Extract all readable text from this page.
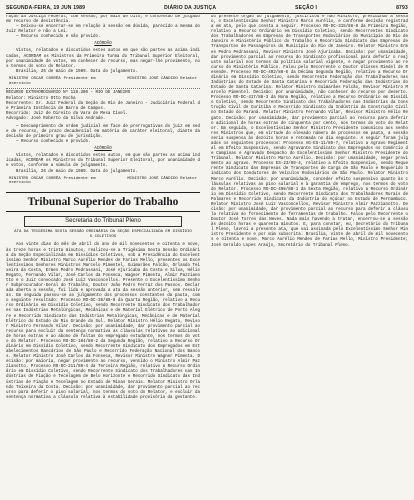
SEGUNDA-FEIRA, 19 JUN 1989	DIÁRIO DA JUSTIÇA	SEÇÃO I	8793

ração da Justiça Federal, com sessão, por mais de oito, e concessão de julgado em recurso de desistência.

— Deixou-se encerrar-se em relação à sessão em dúvida, parecido a mesma do Juiz Relator e não a Lei.

— Recurso conhecido e não provido.

ACÓRDÃO

Vistos, relatados e discutidos estes autos em que são partes as acima indicadas, ACORDAM os Ministros da Primeira Turma do Tribunal Superior Eleitoral, por unanimidade de votos, em conhecer do recurso, mas negar-lhe provimento, nos termos do voto do Relator.

Brasília, 26 de maio de 1989. Data do julgamento.

MINISTRO OSCAR CORRÊA Presidente em exercício
MINISTRO JOSÉ CÂNDIDO Relator

RECURSO EXTRAORDINÁRIO Nº 128.380 - RIO DE JANEIRO

Relator: Ministro Otto Rocha

Recorrente: Sr. Juiz Federal da Seção do Rio de Janeiro - Judiciária Federal de Primeira Instância de Barra de Campos.

Recorrido: Juiz de Direito da Vara de Mesa Cível.

Advogado: José Roberto da Silva Andrade.

— Descumprimento de ordem judicial em face de prerrogativas do juiz em sede de recurso, de prazo decadencial em matéria de caráter eleitoral, diante da decisão de primeiro grau de jurisdição.

— Recurso conhecido e provido.

ACÓRDÃO

Vistos, relatados e discutidos estes autos, em que são partes as acima indicadas, ACORDAM os Ministros do Tribunal Superior Eleitoral, por unanimidade de votos, conforme a súmula de julgamento.

Brasília, 26 de maio de 1989. Data do julgamento.

MINISTRO OSCAR CORRÊA Presidente em exercício
MINISTRO JOSÉ CÂNDIDO Relator
Tribunal Superior do Trabalho
Secretaria do Tribunal Pleno

ATA DA TRIGÉSIMA SEXTA SESSÃO ORDINÁRIA DA SEÇÃO ESPECIALIZADA EM DISSÍDIOS COLETIVOS

Aos vinte dias do mês de abril do ano de mil novecentos e oitenta e nove, às treze horas e trinta minutos, realizou-se a Trigésima Sexta Sessão Ordinária da Seção Especializada em Dissídios Coletivos, sob a Presidência do Excelentíssimo Senhor Ministro Marco Aurélio Mendes de Farias Mello, presentes os Excelentíssimos Senhores Ministros Marcelo Pimentel, Guimarães Falcão, Orlando Teixeira da Costa, Ermes Pedro Pedrassani, José Ajuricaba da Costa e Silva, Hélio Regato, Fernando Vilar, José Carlos da Fonseca, Wagner Pimenta, Almir Pazzianotto e o Juiz convocado José Luiz Vasconcellos. Presente o Excelentíssimo Senhor Subprocurador-Geral do Trabalho, Doutor João Pedro Ferraz dos Passos. Declarada aberta a sessão, foi lida e aprovada a ata da sessão anterior, sem ressalvas. Em seguida passou-se ao julgamento dos processos constantes da pauta, com o seguinte resultado: Processo RO-DC-38/88-8 da Quarta Região, relativo a Recurso Ordinário em Dissídio Coletivo, sendo Recorrente Sindicato dos Trabalhadores nas Indústrias Metalúrgicas, Mecânicas e de Material Elétrico de Porto Alegre e Recorrido Sindicato das Indústrias Metalúrgicas, Mecânicas e de Material Elétrico do Estado do Rio Grande do Sul. Relator Ministro Hélio Regato, Revisor Ministro Fernando Vilar. Decisão: por unanimidade, dar provimento parcial ao recurso para excluir da sentença normativa as cláusulas relativas ao adicional de horas extras e ao abono de faltas do empregado estudante, nos termos do voto do Relator. Processo RO-DC-104/88-2 da Segunda Região, relativo a Recurso Ordinário em Dissídio Coletivo, sendo Recorrente Sindicato dos Empregados em Estabelecimentos Bancários de São Paulo e Recorrido Federação Nacional dos Bancos. Relator Ministro José Carlos da Fonseca, Revisor Ministro Wagner Pimenta. Decisão: por maioria, negar provimento ao recurso, vencido o Ministro Almir Pazzianotto. Processo RO-DC-211/88-4 da Terceira Região, relativo a Recurso Ordinário em Dissídio Coletivo, sendo Recorrente Sindicato dos Trabalhadores nas Indústrias de Fiação e Tecelagem de Belo Horizonte e Recorrido Sindicato das Indústrias de Fiação e Tecelagem no Estado de Minas Gerais. Relator Ministro Orlando Teixeira da Costa. Decisão: por unanimidade, dar provimento parcial ao recurso para deferir o piso salarial, nos termos do voto do Relator, e excluir da sentença normativa a cláusula relativa à estabilidade provisória da gestante.

do presente órgão do julgamento, justificou e não Ministro, presidindo a sessão, o Excelentíssimo Senhor Ministro Marco Aurélio, e conforme decisão registrada em ata, pelo que consta a seguir. Processo RO-DC-315/88-0 da Primeira Região, relativo a Recurso Ordinário em Dissídio Coletivo, sendo Recorrentes Sindicato dos Trabalhadores em Empresas de Transportes Rodoviários do Município do Rio de Janeiro e Ministério Público do Trabalho e Recorrido Sindicato das Empresas de Transportes de Passageiros do Município do Rio de Janeiro. Relator Ministro Ermes Pedro Pedrassani, Revisor Ministro José Ajuricaba. Decisão: por unanimidade, dar provimento parcial ao recurso do Sindicato profissional para deferir o reajuste salarial nos termos da política salarial vigente, e negar provimento ao recurso do Ministério Público. Falou pelo Recorrente o Doutor Ulisses Riedel de Resende. Processo RO-DC-402/88-6 da Décima Segunda Região, relativo a Recurso Ordinário em Dissídio Coletivo, sendo Recorrente Federação dos Trabalhadores nas Indústrias do Estado de Santa Catarina e Recorrido Federação das Indústrias do Estado de Santa Catarina. Relator Ministro Guimarães Falcão, Revisor Ministro Marcelo Pimentel. Decisão: por unanimidade, não conhecer do recurso por deserto. Processo RO-DC-417/88-3 da Nona Região, relativo a Recurso Ordinário em Dissídio Coletivo, sendo Recorrente Sindicato dos Trabalhadores nas Indústrias da Construção Civil de Curitiba e Recorrido Sindicato da Indústria da Construção Civil no Estado do Paraná. Relator Ministro Fernando Vilar, Revisor Ministro Hélio Regato. Decisão: por unanimidade, dar provimento parcial ao recurso para deferir o adicional de horas extras de cinquenta por cento, nos termos do voto do Relator. Em seguida, o Excelentíssimo Senhor Ministro Presidente comunicou aos senhores Ministros que, em virtude do elevado número de processos em pauta, a sessão seria suspensa às dezoito horas e retomada no dia seguinte. A seguir foram julgados os seguintes processos: Processo AG-ES-11/89-7, relativo a Agravo Regimental em Efeito Suspensivo, sendo Agravante Sindicato dos Empregados no Comércio de Campinas e Agravado Despacho do Excelentíssimo Senhor Ministro Presidente do Tribunal. Relator Ministro Marco Aurélio. Decisão: por unanimidade, negar provimento ao agravo. Processo ES-23/89-4, relativo a Efeito Suspensivo, sendo Requerente Sindicato das Empresas de Transportes de Carga de São Paulo e Requerido Sindicato dos Condutores de Veículos Rodoviários de São Paulo. Relator Ministro Marco Aurélio. Decisão: por unanimidade, conceder efeito suspensivo quanto às cláusulas relativas ao piso salarial e à garantia de emprego, nos termos do voto do Relator. Processo RO-DC-498/88-1 da Sexta Região, relativo a Recurso Ordinário em Dissídio Coletivo, sendo Recorrente Sindicato dos Trabalhadores Rurais de Palmares e Recorrido Sindicato da Indústria do Açúcar no Estado de Pernambuco. Relator Ministro José Luiz Vasconcellos, Revisor Ministro Almir Pazzianotto. Decisão: por unanimidade, dar provimento parcial ao recurso para deferir a cláusula relativa ao fornecimento de ferramentas de trabalho. Falou pelo Recorrente o Doutor José Torres das Neves. Nada mais havendo a tratar, encerrou-se a sessão às dezoito horas e quarenta minutos. E, para constar, eu, Secretário do Tribunal Pleno, lavrei a presente ata, que vai assinada pelo Excelentíssimo Senhor Ministro Presidente e por mim subscrita. Brasília, vinte de abril de mil novecentos e oitenta e nove. Marco Aurélio Mendes de Farias Mello, Ministro Presidente; José Geraldo Lopes Araújo, Secretário do Tribunal Pleno.
